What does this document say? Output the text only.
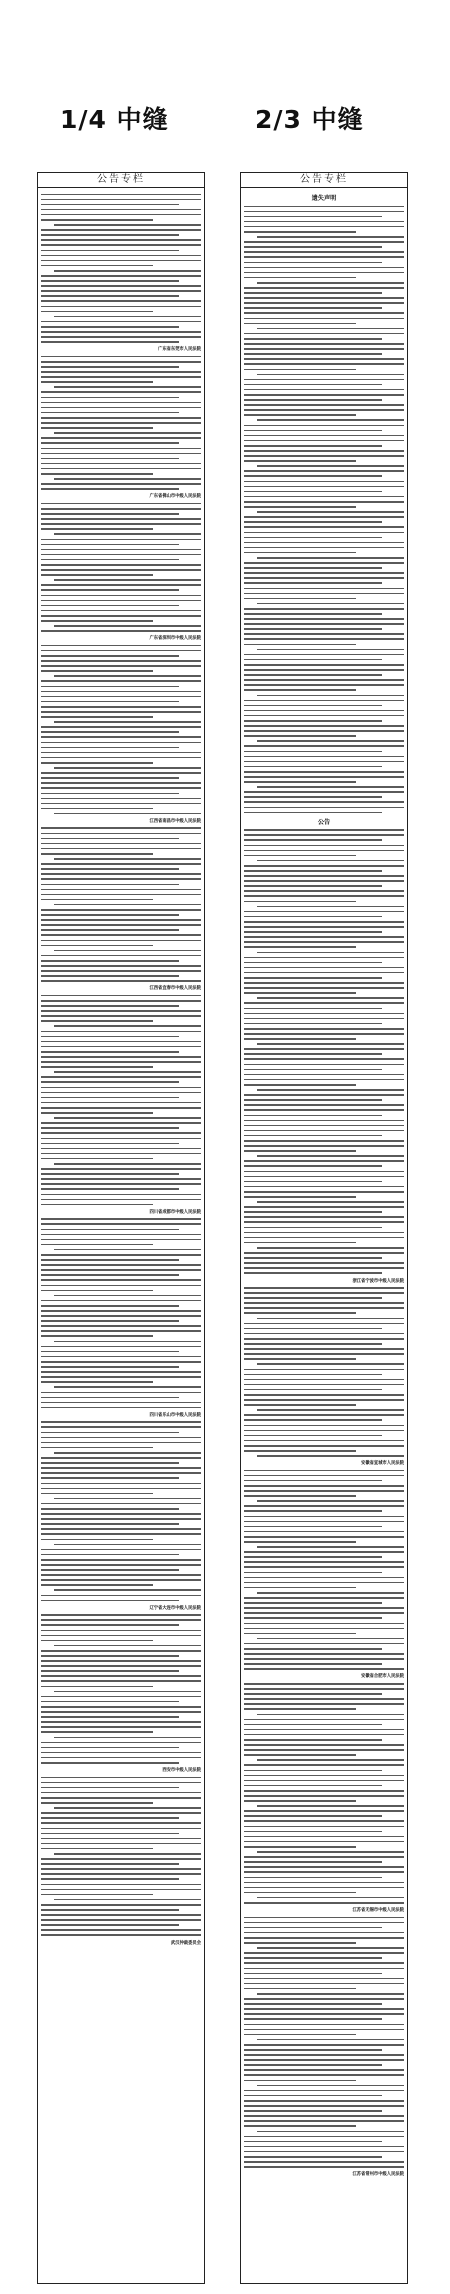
1/4 中缝	2/3 中缝
公告专栏
广东省东莞市人民法院
广东省佛山市中级人民法院
广东省深圳市中级人民法院
江西省南昌市中级人民法院
江西省宜春市中级人民法院
四川省成都市中级人民法院
四川省乐山市中级人民法院
辽宁省大连市中级人民法院
西安市中级人民法院
武汉仲裁委员会
公告专栏
遗失声明
公告
浙江省宁波市中级人民法院
安徽省宣城市人民法院
安徽省合肥市人民法院
江苏省无锡市中级人民法院
江苏省常州市中级人民法院
